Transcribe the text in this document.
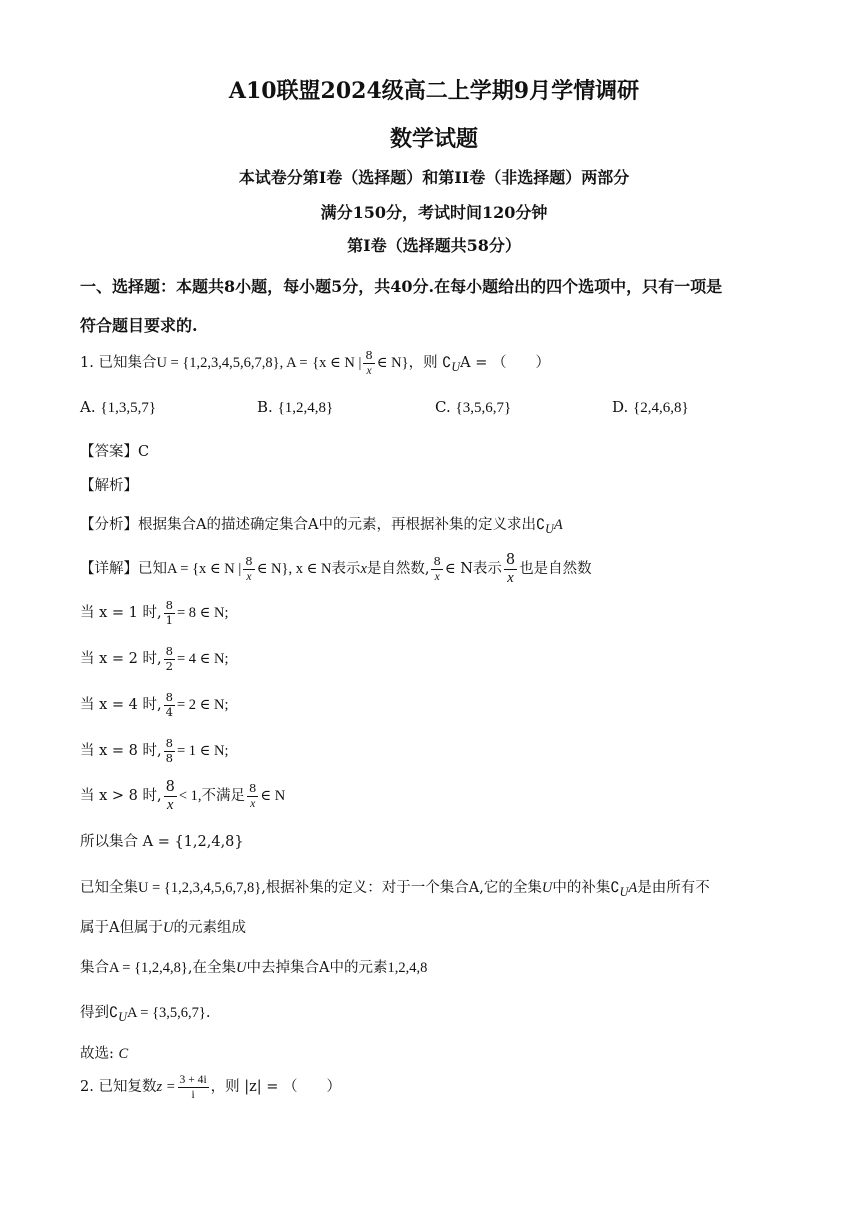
A10联盟2024级高二上学期9月学情调研
数学试题
本试卷分第I卷（选择题）和第II卷（非选择题）两部分
满分150分，考试时间120分钟
第I卷（选择题共58分）
一、选择题：本题共8小题，每小题5分，共40分.在每小题给出的四个选项中，只有一项是
符合题目要求的.
1. 已知集合U = {1,2,3,4,5,6,7,8}, A = {x ∈ N | $\frac{8}{x}$ ∈ N}，则 $∁_UA$ = （　　）
A. {1,3,5,7}	B. {1,2,4,8}	C. {3,5,6,7}	D. {2,4,6,8}
【答案】C
【解析】
【分析】根据集合A的描述确定集合A中的元素，再根据补集的定义求出$∁_UA$
【详解】已知A = {x ∈ N | $\frac{8}{x}$ ∈ N}, x ∈ N表示x是自然数, $\frac{8}{x}$ ∈ N表示 $\frac{8}{x}$ 也是自然数
当 x = 1 时, $\frac{8}{1} = 8$ ∈ N;
当 x = 2 时, $\frac{8}{2} = 4$ ∈ N;
当 x = 4 时, $\frac{8}{4} = 2$ ∈ N;
当 x = 8 时, $\frac{8}{8} = 1$ ∈ N;
当 x > 8 时, $\frac{8}{x} < 1$,不满足 $\frac{8}{x}$ ∈ N
所以集合 A = {1,2,4,8}
已知全集U = {1,2,3,4,5,6,7,8},根据补集的定义：对于一个集合A,它的全集U中的补集$∁_UA$是由所有不
属于A但属于U的元素组成
集合A = {1,2,4,8},在全集U中去掉集合A中的元素1,2,4,8
得到$∁_UA = \{3,5,6,7\}$.
故选: C
2. 已知复数$z = \frac{3 + 4i}{i}$ ，则 |z| = （　　）
